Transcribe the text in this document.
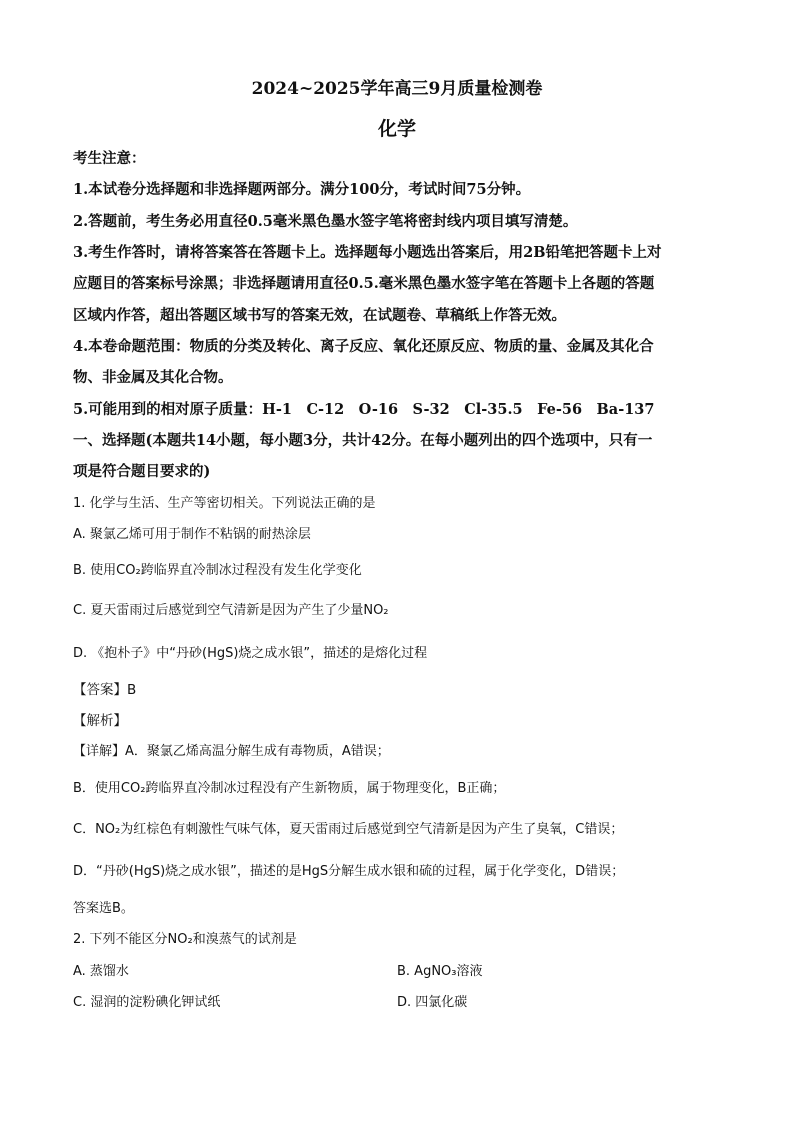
2024~2025学年高三9月质量检测卷
化学
考生注意：
1.本试卷分选择题和非选择题两部分。满分100分，考试时间75分钟。
2.答题前，考生务必用直径0.5毫米黑色墨水签字笔将密封线内项目填写清楚。
3.考生作答时，请将答案答在答题卡上。选择题每小题选出答案后，用2B铅笔把答题卡上对
应题目的答案标号涂黑；非选择题请用直径0.5.毫米黑色墨水签字笔在答题卡上各题的答题
区域内作答，超出答题区域书写的答案无效，在试题卷、草稿纸上作答无效。
4.本卷命题范围：物质的分类及转化、离子反应、氧化还原反应、物质的量、金属及其化合
物、非金属及其化合物。
5.可能用到的相对原子质量：H-1　C-12　O-16　S-32　Cl-35.5　Fe-56　Ba-137
一、选择题(本题共14小题，每小题3分，共计42分。在每小题列出的四个选项中，只有一
项是符合题目要求的)
1. 化学与生活、生产等密切相关。下列说法正确的是
A. 聚氯乙烯可用于制作不粘锅的耐热涂层
B. 使用CO₂跨临界直冷制冰过程没有发生化学变化
C. 夏天雷雨过后感觉到空气清新是因为产生了少量NO₂
D. 《抱朴子》中“丹砂(HgS)烧之成水银”，描述的是熔化过程
【答案】B
【解析】
【详解】A．聚氯乙烯高温分解生成有毒物质，A错误；
B．使用CO₂跨临界直冷制冰过程没有产生新物质，属于物理变化，B正确；
C．NO₂为红棕色有刺激性气味气体，夏天雷雨过后感觉到空气清新是因为产生了臭氧，C错误；
D．“丹砂(HgS)烧之成水银”，描述的是HgS分解生成水银和硫的过程，属于化学变化，D错误；
答案选B。
2. 下列不能区分NO₂和溴蒸气的试剂是
A. 蒸馏水	B. AgNO₃溶液
C. 湿润的淀粉碘化钾试纸	D. 四氯化碳
